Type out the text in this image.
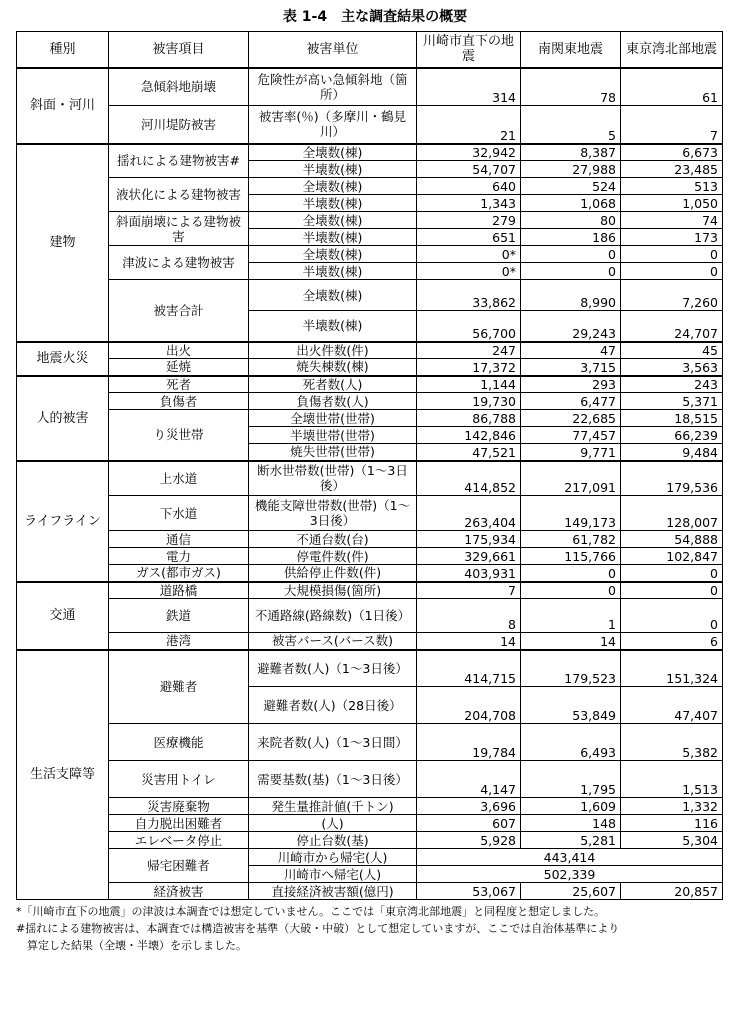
表 1-4　主な調査結果の概要
種別	被害項目	被害単位	川崎市直下の地震	南関東地震	東京湾北部地震
斜面・河川	急傾斜地崩壊	危険性が高い急傾斜地（箇所）	314	78	61
	河川堤防被害	被害率(％)（多摩川・鶴見川）	21	5	7
建物	揺れによる建物被害#	全壊数(棟)	32,942	8,387	6,673
		半壊数(棟)	54,707	27,988	23,485
	液状化による建物被害	全壊数(棟)	640	524	513
		半壊数(棟)	1,343	1,068	1,050
	斜面崩壊による建物被害	全壊数(棟)	279	80	74
		半壊数(棟)	651	186	173
	津波による建物被害	全壊数(棟)	0*	0	0
		半壊数(棟)	0*	0	0
	被害合計	全壊数(棟)	33,862	8,990	7,260
		半壊数(棟)	56,700	29,243	24,707
地震火災	出火	出火件数(件)	247	47	45
	延焼	焼失棟数(棟)	17,372	3,715	3,563
人的被害	死者	死者数(人)	1,144	293	243
	負傷者	負傷者数(人)	19,730	6,477	5,371
	り災世帯	全壊世帯(世帯)	86,788	22,685	18,515
		半壊世帯(世帯)	142,846	77,457	66,239
		焼失世帯(世帯)	47,521	9,771	9,484
ライフライン	上水道	断水世帯数(世帯)（1～3日後）	414,852	217,091	179,536
	下水道	機能支障世帯数(世帯)（1～3日後）	263,404	149,173	128,007
	通信	不通台数(台)	175,934	61,782	54,888
	電力	停電件数(件)	329,661	115,766	102,847
	ガス(都市ガス)	供給停止件数(件)	403,931	0	0
交通	道路橋	大規模損傷(箇所)	7	0	0
	鉄道	不通路線(路線数)（1日後）	8	1	0
	港湾	被害バース(バース数)	14	14	6
生活支障等	避難者	避難者数(人)（1～3日後）	414,715	179,523	151,324
		避難者数(人)（28日後）	204,708	53,849	47,407
	医療機能	来院者数(人)（1～3日間）	19,784	6,493	5,382
	災害用トイレ	需要基数(基)（1～3日後）	4,147	1,795	1,513
	災害廃棄物	発生量推計値(千トン)	3,696	1,609	1,332
	自力脱出困難者	(人)	607	148	116
	エレベータ停止	停止台数(基)	5,928	5,281	5,304
	帰宅困難者	川崎市から帰宅(人)	443,414		
		川崎市へ帰宅(人)	502,339		
	経済被害	直接経済被害額(億円)	53,067	25,607	20,857
*「川崎市直下の地震」の津波は本調査では想定していません。ここでは「東京湾北部地震」と同程度と想定しました。
#揺れによる建物被害は、本調査では構造被害を基準（大破・中破）として想定していますが、ここでは自治体基準により
　算定した結果（全壊・半壊）を示しました。
